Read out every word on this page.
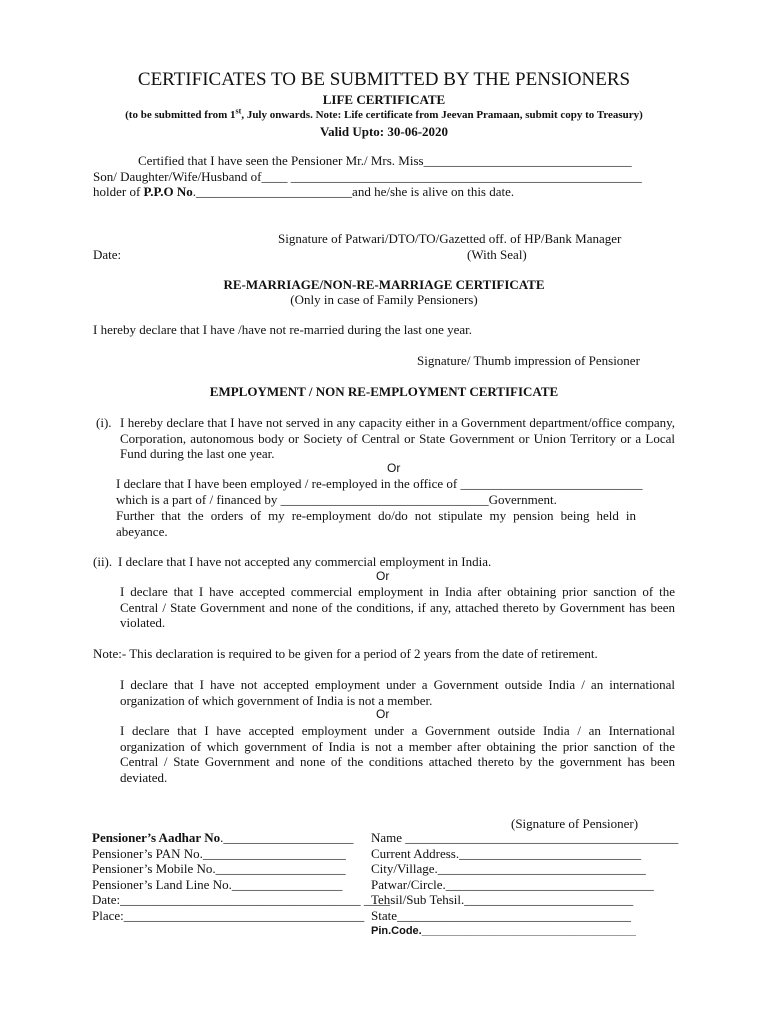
CERTIFICATES TO BE SUBMITTED BY THE PENSIONERS
LIFE CERTIFICATE
(to be submitted from 1st, July onwards. Note: Life certificate from Jeevan Pramaan, submit copy to Treasury)
Valid Upto: 30-06-2020
Certified that I have seen the Pensioner Mr./ Mrs. Miss________________________________
Son/ Daughter/Wife/Husband of____ ______________________________________________________
holder of P.P.O No.________________________and he/she is alive on this date.
Signature of Patwari/DTO/TO/Gazetted off. of HP/Bank Manager
Date:	(With Seal)
RE-MARRIAGE/NON-RE-MARRIAGE CERTIFICATE
(Only in case of Family Pensioners)
I hereby declare that I have /have not re-married during the last one year.
Signature/ Thumb impression of Pensioner
EMPLOYMENT / NON RE-EMPLOYMENT CERTIFICATE
(i). I hereby declare that I have not served in any capacity either in a Government department/office company, Corporation, autonomous body or Society of Central or State Government or Union Territory or a Local Fund during the last one year.
Or
I declare that I have been employed / re-employed in the office of ____________________________
which is a part of / financed by ________________________________Government.
Further that the orders of my re-employment do/do not stipulate my pension being held in abeyance.
(ii). I declare that I have not accepted any commercial employment in India.
Or
I declare that I have accepted commercial employment in India after obtaining prior sanction of the Central / State Government and none of the conditions, if any, attached thereto by Government has been violated.
Note:- This declaration is required to be given for a period of 2 years from the date of retirement.
I declare that I have not accepted employment under a Government outside India / an international organization of which government of India is not a member.
Or
I declare that I have accepted employment under a Government outside India / an International organization of which government of India is not a member after obtaining the prior sanction of the Central / State Government and none of the conditions attached thereto by the government has been deviated.
(Signature of Pensioner)
Pensioner’s Aadhar No.____________________
Pensioner’s PAN No.______________________
Pensioner’s Mobile No.____________________
Pensioner’s Land Line No._________________
Date:_____________________________________ ____
Place:_____________________________________
Name __________________________________________
Current Address.____________________________
City/Village.________________________________
Patwar/Circle.________________________________
Tehsil/Sub Tehsil.__________________________
State____________________________________
Pin.Code.___________________________________
